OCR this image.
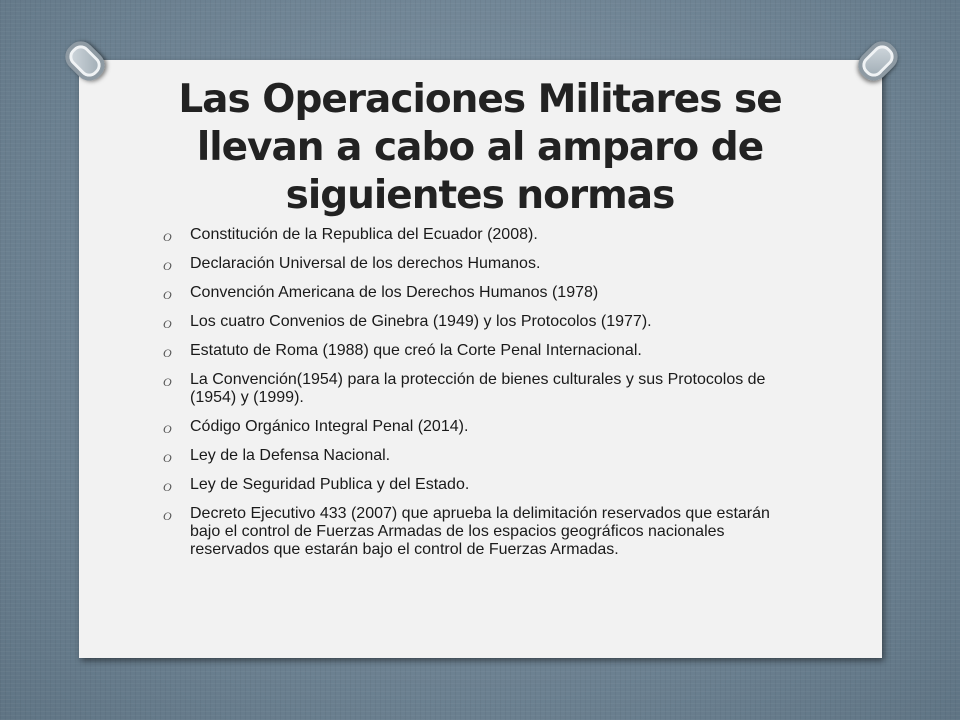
Las Operaciones Militares se
llevan a cabo al amparo de
siguientes normas
O Constitución de la Republica del Ecuador (2008).
O Declaración Universal de los derechos Humanos.
O Convención Americana de los Derechos Humanos (1978)
O Los cuatro Convenios de Ginebra (1949) y los Protocolos (1977).
O Estatuto de Roma (1988) que creó la Corte Penal Internacional.
O La Convención(1954) para la protección de bienes culturales y sus Protocolos de (1954) y (1999).
O Código Orgánico Integral Penal (2014).
O Ley de la Defensa Nacional.
O Ley de Seguridad Publica y del Estado.
O Decreto Ejecutivo 433 (2007) que aprueba la delimitación reservados que estarán bajo el control de Fuerzas Armadas de los espacios geográficos nacionales reservados que estarán bajo el control de Fuerzas Armadas.
